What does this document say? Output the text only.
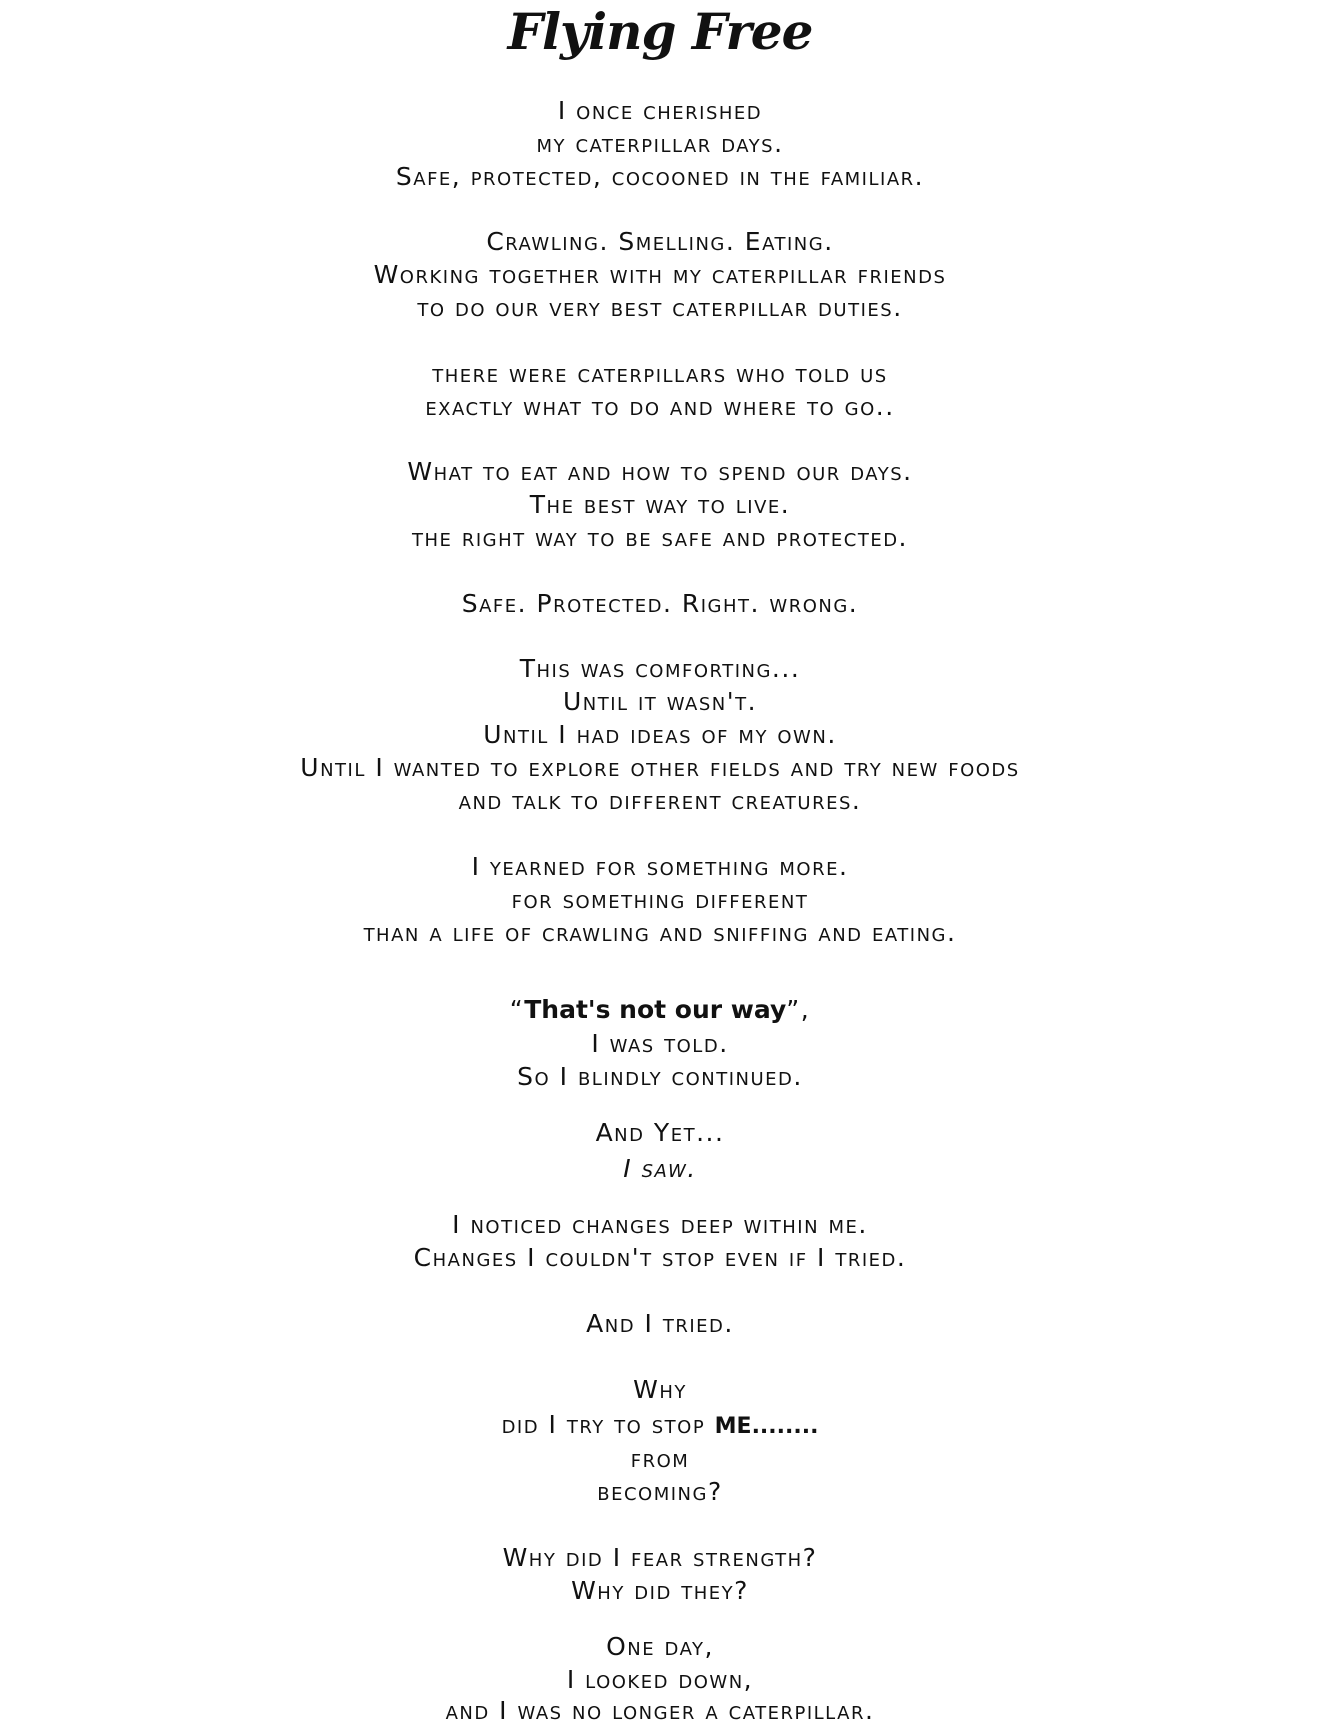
Flying Free
I once cherished
my caterpillar days.
Safe, protected, cocooned in the familiar.
Crawling. Smelling. Eating.
Working together with my caterpillar friends
to do our very best caterpillar duties.
there were caterpillars who told us
exactly what to do and where to go..
What to eat and how to spend our days.
The best way to live.
the right way to be safe and protected.
Safe. Protected. Right. wrong.
This was comforting...
Until it wasn't.
Until I had ideas of my own.
Until I wanted to explore other fields and try new foods
and talk to different creatures.
I yearned for something more.
for something different
than a life of crawling and sniffing and eating.
“That's not our way”,
I was told.
So I blindly continued.
And Yet...
I saw.
I noticed changes deep within me.
Changes I couldn't stop even if I tried.
And I tried.
Why
did I try to stop ME........
from
becoming?
Why did I fear strength?
Why did they?
One day,
I looked down,
and I was no longer a caterpillar.
